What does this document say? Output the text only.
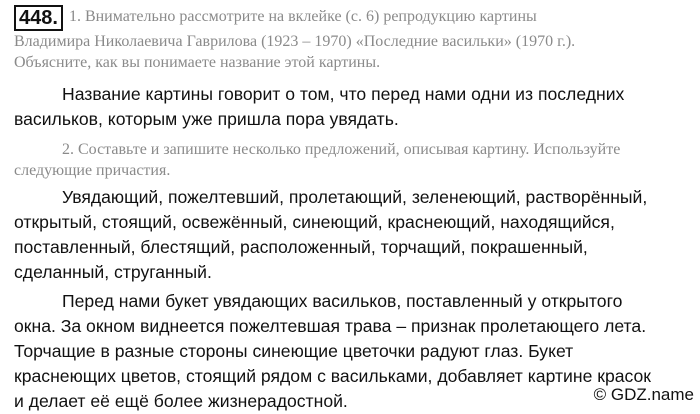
448. 1. Внимательно рассмотрите на вклейке (с. 6) репродукцию картины
Владимира Николаевича Гаврилова (1923 – 1970) «Последние васильки» (1970 г.).
Объясните, как вы понимаете название этой картины.
Название картины говорит о том, что перед нами одни из последних
васильков, которым уже пришла пора увядать.
2. Составьте и запишите несколько предложений, описывая картину. Используйте
следующие причастия.
Увядающий, пожелтевший, пролетающий, зеленеющий, растворённый,
открытый, стоящий, освежённый, синеющий, краснеющий, находящийся,
поставленный, блестящий, расположенный, торчащий, покрашенный,
сделанный, струганный.
Перед нами букет увядающих васильков, поставленный у открытого
окна. За окном виднеется пожелтевшая трава – признак пролетающего лета.
Торчащие в разные стороны синеющие цветочки радуют глаз. Букет
краснеющих цветов, стоящий рядом с васильками, добавляет картине красок
и делает её ещё более жизнерадостной.	© GDZ.name
